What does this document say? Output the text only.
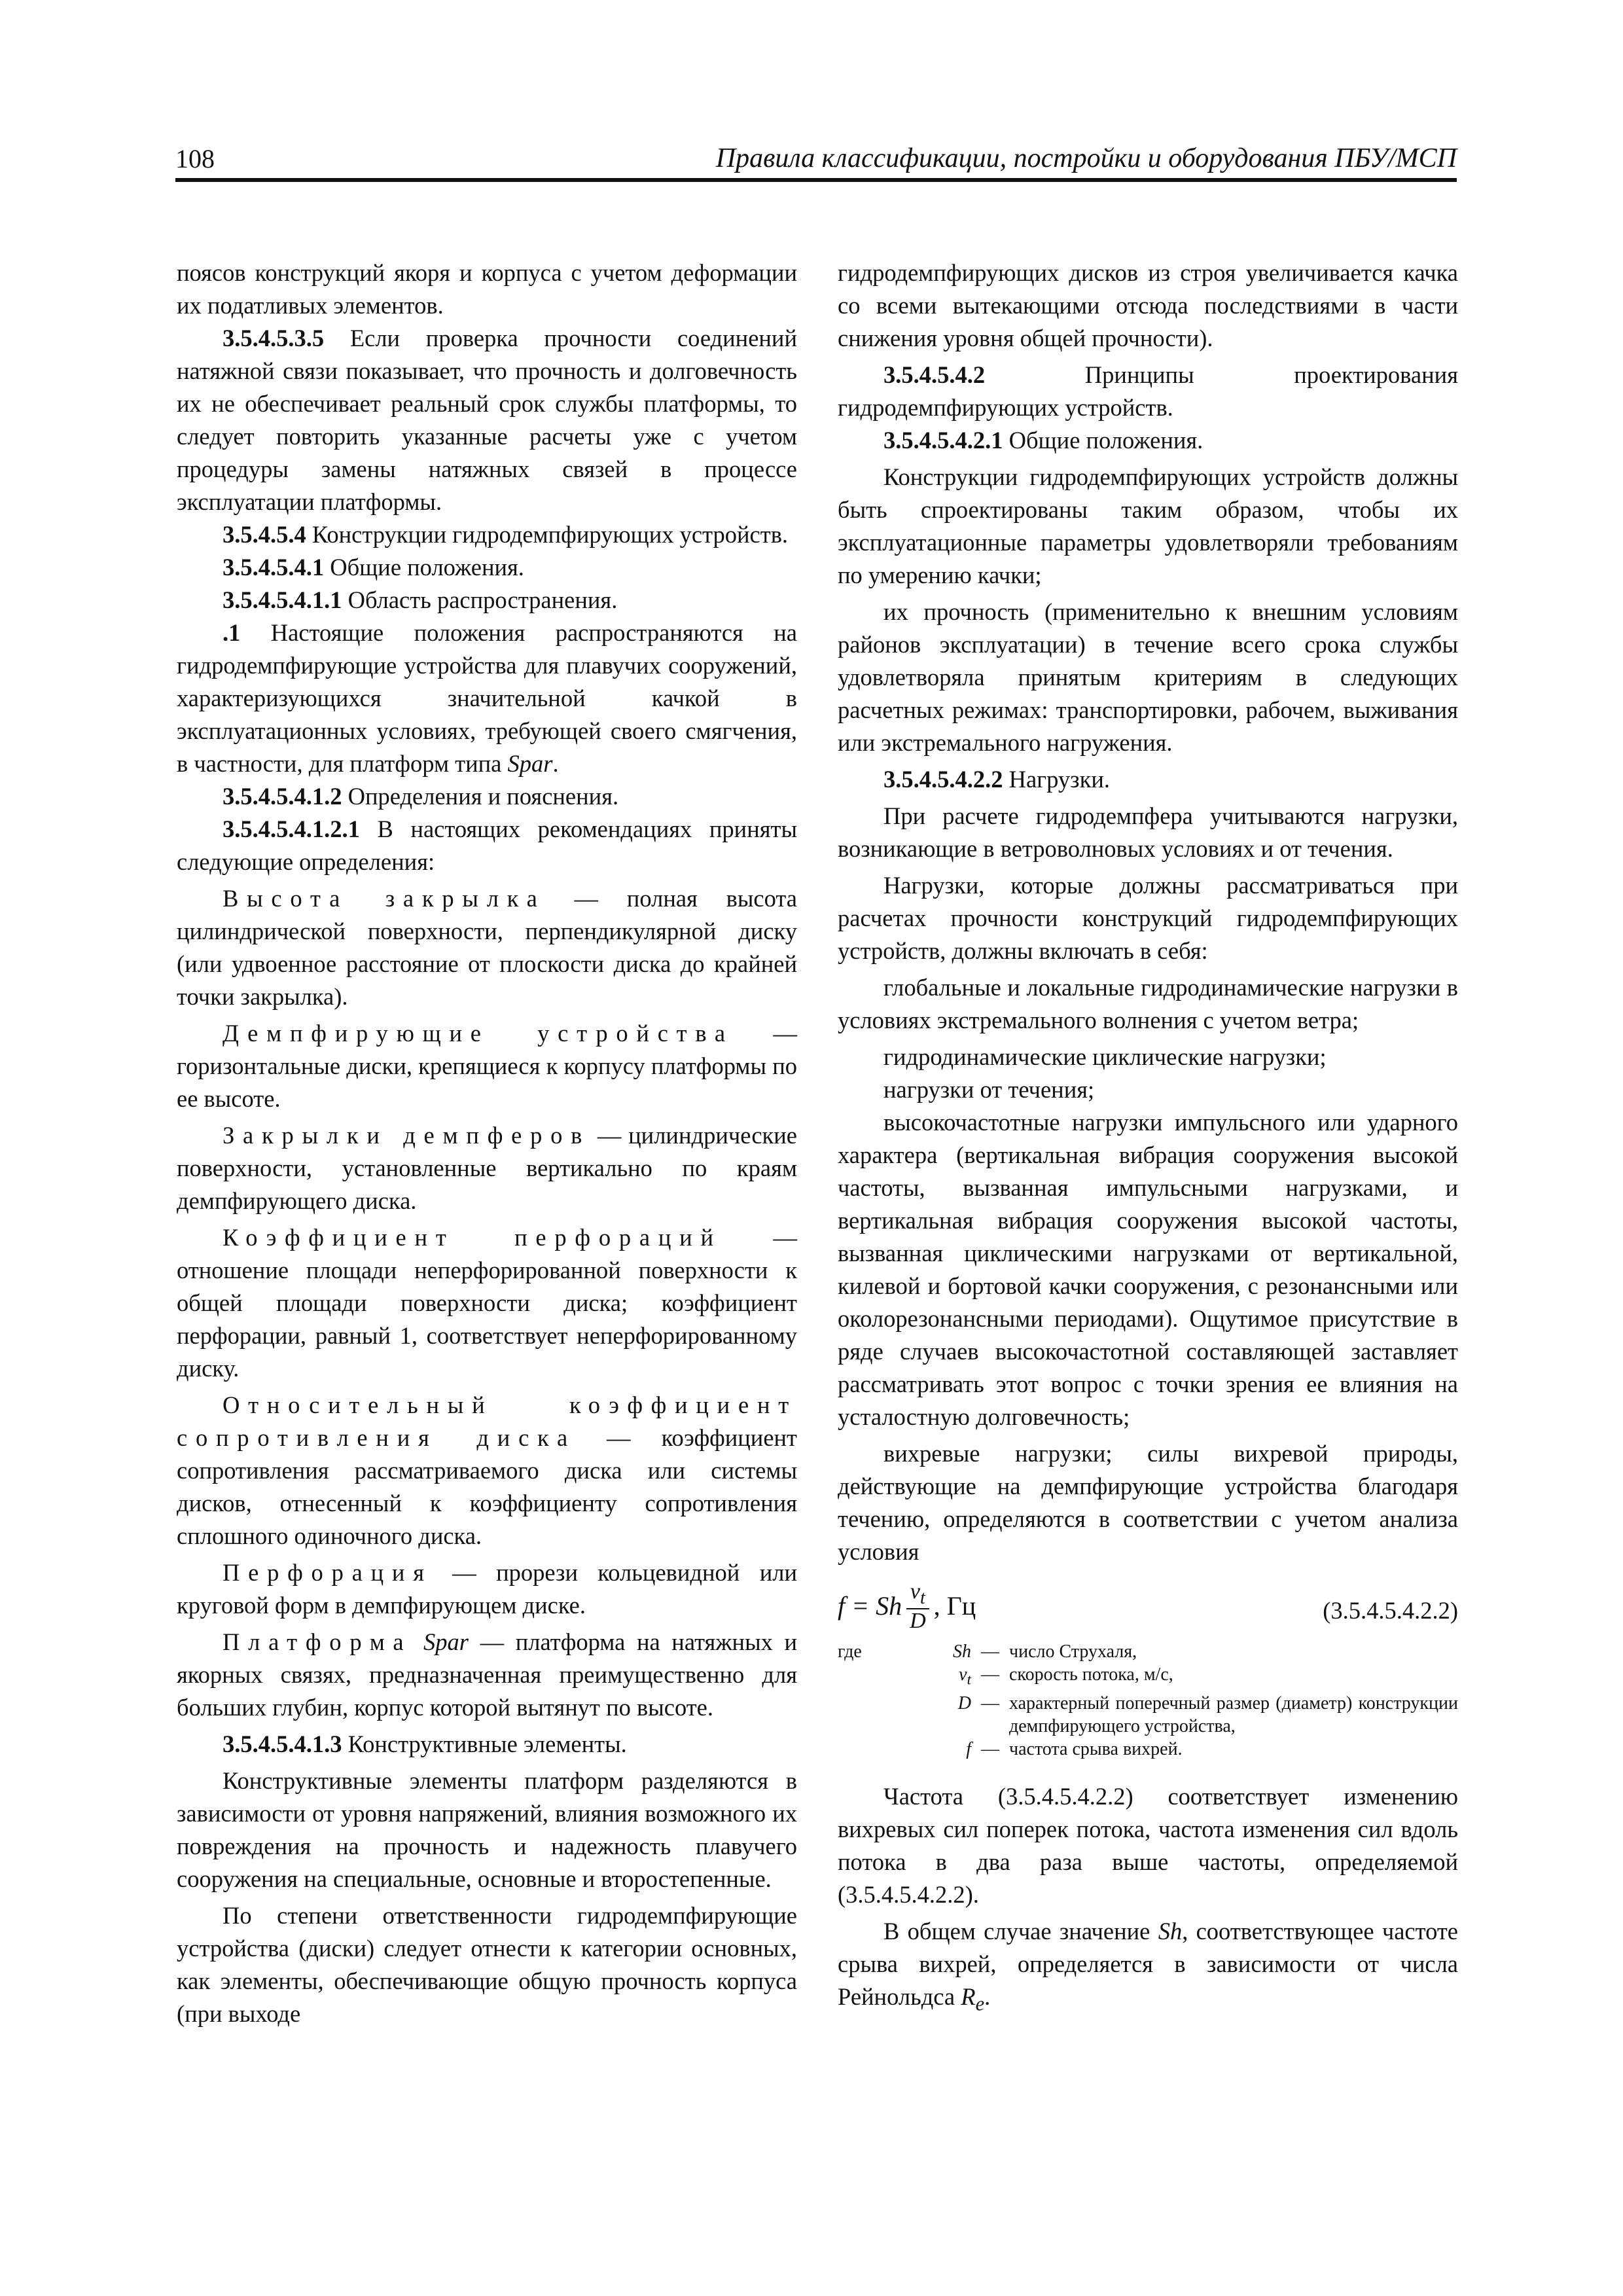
108	Правила классификации, постройки и оборудования ПБУ/МСП

поясов конструкций якоря и корпуса с учетом деформации их податливых элементов.

3.5.4.5.3.5 Если проверка прочности соединений натяжной связи показывает, что прочность и долговечность их не обеспечивает реальный срок службы платформы, то следует повторить указанные расчеты уже с учетом процедуры замены натяжных связей в процессе эксплуатации платформы.

3.5.4.5.4 Конструкции гидродемпфирующих устройств.

3.5.4.5.4.1 Общие положения.

3.5.4.5.4.1.1 Область распространения.

.1 Настоящие положения распространяются на гидродемпфирующие устройства для плавучих сооружений, характеризующихся значительной качкой в эксплуатационных условиях, требующей своего смягчения, в частности, для платформ типа Spar.

3.5.4.5.4.1.2 Определения и пояснения.

3.5.4.5.4.1.2.1 В настоящих рекомендациях приняты следующие определения:

Высота закрылка — полная высота цилиндрической поверхности, перпендикулярной диску (или удвоенное расстояние от плоскости диска до крайней точки закрылка).

Демпфирующие устройства — горизонтальные диски, крепящиеся к корпусу платформы по ее высоте.

Закрылки демпферов — цилиндрические поверхности, установленные вертикально по краям демпфирующего диска.

Коэффициент перфораций — отношение площади неперфорированной поверхности к общей площади поверхности диска; коэффициент перфорации, равный 1, соответствует неперфорированному диску.

Относительный коэффициент сопротивления диска — коэффициент сопротивления рассматриваемого диска или системы дисков, отнесенный к коэффициенту сопротивления сплошного одиночного диска.

Перфорация — прорези кольцевидной или круговой форм в демпфирующем диске.

Платформа Spar — платформа на натяжных и якорных связях, предназначенная преимущественно для больших глубин, корпус которой вытянут по высоте.

3.5.4.5.4.1.3 Конструктивные элементы.

Конструктивные элементы платформ разделяются в зависимости от уровня напряжений, влияния возможного их повреждения на прочность и надежность плавучего сооружения на специальные, основные и второстепенные.

По степени ответственности гидродемпфирующие устройства (диски) следует отнести к категории основных, как элементы, обеспечивающие общую прочность корпуса (при выходе

гидродемпфирующих дисков из строя увеличивается качка со всеми вытекающими отсюда последствиями в части снижения уровня общей прочности).

3.5.4.5.4.2	Принципы проектирования гидродемпфирующих устройств.

3.5.4.5.4.2.1 Общие положения.

Конструкции гидродемпфирующих устройств должны быть спроектированы таким образом, чтобы их эксплуатационные параметры удовлетворяли требованиям по умерению качки;

их прочность (применительно к внешним условиям районов эксплуатации) в течение всего срока службы удовлетворяла принятым критериям в следующих расчетных режимах: транспортировки, рабочем, выживания или экстремального нагружения.

3.5.4.5.4.2.2 Нагрузки.

При расчете гидродемпфера учитываются нагрузки, возникающие в ветроволновых условиях и от течения.

Нагрузки, которые должны рассматриваться при расчетах прочности конструкций гидродемпфирующих устройств, должны включать в себя:

глобальные и локальные гидродинамические нагрузки в условиях экстремального волнения с учетом ветра;

гидродинамические циклические нагрузки;

нагрузки от течения;

высокочастотные нагрузки импульсного или ударного характера (вертикальная вибрация сооружения высокой частоты, вызванная импульсными нагрузками, и вертикальная вибрация сооружения высокой частоты, вызванная циклическими нагрузками от вертикальной, килевой и бортовой качки сооружения, с резонансными или околорезонансными периодами). Ощутимое присутствие в ряде случаев высокочастотной составляющей заставляет рассматривать этот вопрос с точки зрения ее влияния на усталостную долговечность;

вихревые нагрузки; силы вихревой природы, действующие на демпфирующие устройства благодаря течению, определяются в соответствии с учетом анализа условия

f = Sh $\frac{v_t}{D}$ , Гц	(3.5.4.5.4.2.2)
где	Sh — число Струхаля,
$v_t$ — скорость потока, м/с,
D — характерный поперечный размер (диаметр) конструкции демпфирующего устройства,
f — частота срыва вихрей.

Частота (3.5.4.5.4.2.2) соответствует изменению вихревых сил поперек потока, частота изменения сил вдоль потока в два раза выше частоты, определяемой (3.5.4.5.4.2.2).

В общем случае значение Sh, соответствующее частоте срыва вихрей, определяется в зависимости от числа Рейнольдса $R_e$.
